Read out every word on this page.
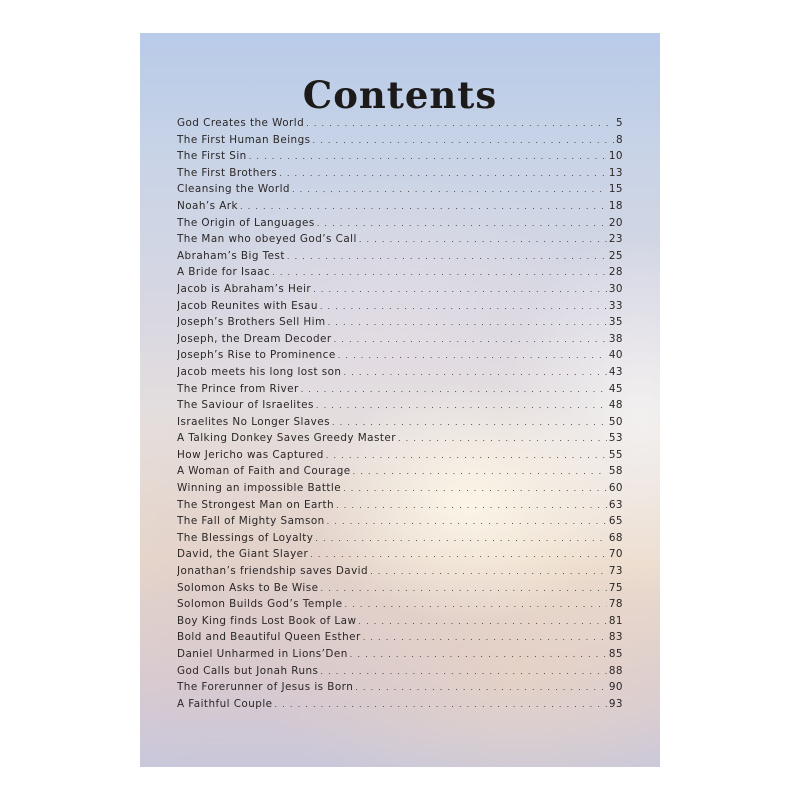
Contents
God Creates the World . . .	5
The First Human Beings . . .	8
The First Sin . . .	10
The First Brothers . . .	13
Cleansing the World . . .	15
Noah’s Ark . . .	18
The Origin of Languages . . .	20
The Man who obeyed God’s Call . . .	23
Abraham’s Big Test . . .	25
A Bride for Isaac . . .	28
Jacob is Abraham’s Heir . . .	30
Jacob Reunites with Esau . . .	33
Joseph’s Brothers Sell Him . . .	35
Joseph, the Dream Decoder . . .	38
Joseph’s Rise to Prominence . . .	40
Jacob meets his long lost son . . .	43
The Prince from River . . .	45
The Saviour of Israelites . . .	48
Israelites No Longer Slaves . . .	50
A Talking Donkey Saves Greedy Master . . .	53
How Jericho was Captured . . .	55
A Woman of Faith and Courage . . .	58
Winning an impossible Battle . . .	60
The Strongest Man on Earth . . .	63
The Fall of Mighty Samson . . .	65
The Blessings of Loyalty . . .	68
David, the Giant Slayer . . .	70
Jonathan’s friendship saves David . . .	73
Solomon Asks to Be Wise . . .	75
Solomon Builds God’s Temple . . .	78
Boy King finds Lost Book of Law . . .	81
Bold and Beautiful Queen Esther . . .	83
Daniel Unharmed in Lions’Den . . .	85
God Calls but Jonah Runs . . .	88
The Forerunner of Jesus is Born . . .	90
A Faithful Couple . . .	93
